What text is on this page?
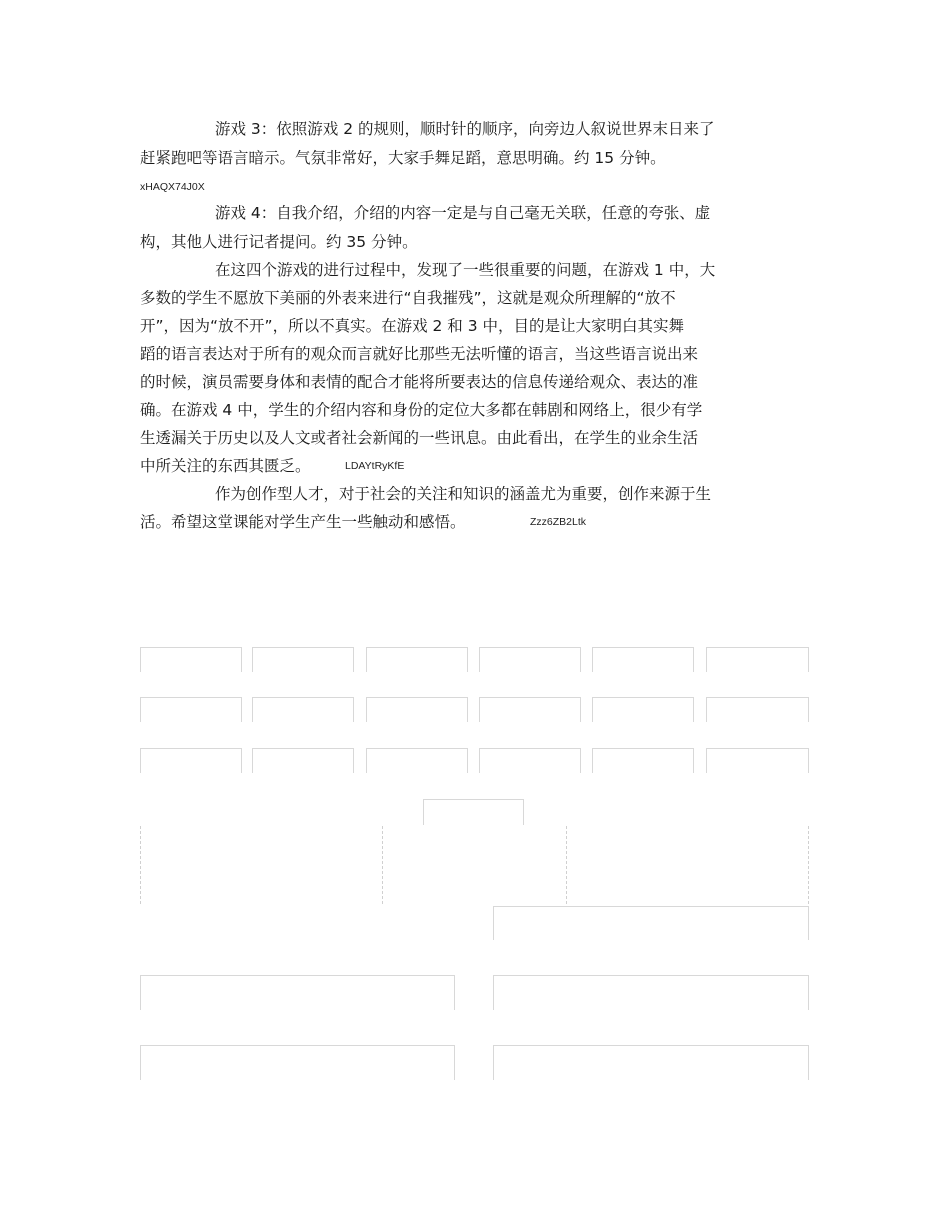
游戏 3：依照游戏 2 的规则，顺时针的顺序，向旁边人叙说世界末日来了
赶紧跑吧等语言暗示。气氛非常好，大家手舞足蹈，意思明确。约 15 分钟。
游戏 4：自我介绍，介绍的内容一定是与自己毫无关联，任意的夸张、虚
构，其他人进行记者提问。约 35 分钟。
在这四个游戏的进行过程中，发现了一些很重要的问题，在游戏 1 中，大
多数的学生不愿放下美丽的外表来进行“自我摧残”，这就是观众所理解的“放不
开”，因为“放不开”，所以不真实。在游戏 2 和 3 中，目的是让大家明白其实舞
蹈的语言表达对于所有的观众而言就好比那些无法听懂的语言，当这些语言说出来
的时候，演员需要身体和表情的配合才能将所要表达的信息传递给观众、表达的准
确。在游戏 4 中，学生的介绍内容和身份的定位大多都在韩剧和网络上，很少有学
生透漏关于历史以及人文或者社会新闻的一些讯息。由此看出，在学生的业余生活
中所关注的东西其匮乏。
作为创作型人才，对于社会的关注和知识的涵盖尤为重要，创作来源于生
活。希望这堂课能对学生产生一些触动和感悟。
xHAQX74J0X
LDAYtRyKfE
Zzz6ZB2Ltk
